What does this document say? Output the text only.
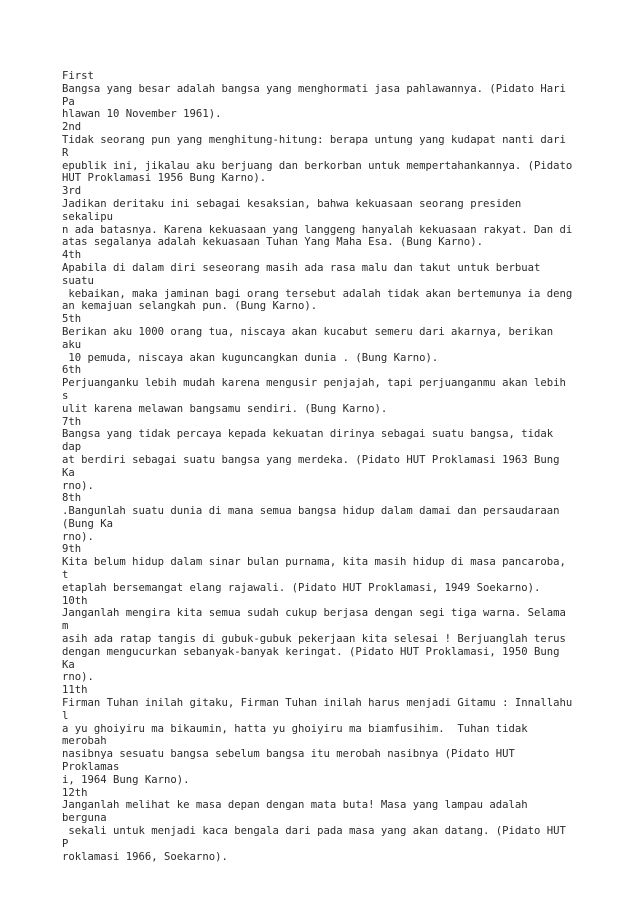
First
Bangsa yang besar adalah bangsa yang menghormati jasa pahlawannya. (Pidato Hari
Pa
hlawan 10 November 1961).
2nd
Tidak seorang pun yang menghitung-hitung: berapa untung yang kudapat nanti dari
R
epublik ini, jikalau aku berjuang dan berkorban untuk mempertahankannya. (Pidato
HUT Proklamasi 1956 Bung Karno).
3rd
Jadikan deritaku ini sebagai kesaksian, bahwa kekuasaan seorang presiden
sekalipu
n ada batasnya. Karena kekuasaan yang langgeng hanyalah kekuasaan rakyat. Dan di
atas segalanya adalah kekuasaan Tuhan Yang Maha Esa. (Bung Karno).
4th
Apabila di dalam diri seseorang masih ada rasa malu dan takut untuk berbuat
suatu
kebaikan, maka jaminan bagi orang tersebut adalah tidak akan bertemunya ia deng
an kemajuan selangkah pun. (Bung Karno).
5th
Berikan aku 1000 orang tua, niscaya akan kucabut semeru dari akarnya, berikan
aku
10 pemuda, niscaya akan kuguncangkan dunia . (Bung Karno).
6th
Perjuanganku lebih mudah karena mengusir penjajah, tapi perjuanganmu akan lebih
s
ulit karena melawan bangsamu sendiri. (Bung Karno).
7th
Bangsa yang tidak percaya kepada kekuatan dirinya sebagai suatu bangsa, tidak
dap
at berdiri sebagai suatu bangsa yang merdeka. (Pidato HUT Proklamasi 1963 Bung
Ka
rno).
8th
.Bangunlah suatu dunia di mana semua bangsa hidup dalam damai dan persaudaraan
(Bung Ka
rno).
9th
Kita belum hidup dalam sinar bulan purnama, kita masih hidup di masa pancaroba,
t
etaplah bersemangat elang rajawali. (Pidato HUT Proklamasi, 1949 Soekarno).
10th
Janganlah mengira kita semua sudah cukup berjasa dengan segi tiga warna. Selama
m
asih ada ratap tangis di gubuk-gubuk pekerjaan kita selesai ! Berjuanglah terus
dengan mengucurkan sebanyak-banyak keringat. (Pidato HUT Proklamasi, 1950 Bung
Ka
rno).
11th
Firman Tuhan inilah gitaku, Firman Tuhan inilah harus menjadi Gitamu : Innallahu
l
a yu ghoiyiru ma bikaumin, hatta yu ghoiyiru ma biamfusihim.  Tuhan tidak
merobah
nasibnya sesuatu bangsa sebelum bangsa itu merobah nasibnya (Pidato HUT
Proklamas
i, 1964 Bung Karno).
12th
Janganlah melihat ke masa depan dengan mata buta! Masa yang lampau adalah
berguna
sekali untuk menjadi kaca bengala dari pada masa yang akan datang. (Pidato HUT
P
roklamasi 1966, Soekarno).
